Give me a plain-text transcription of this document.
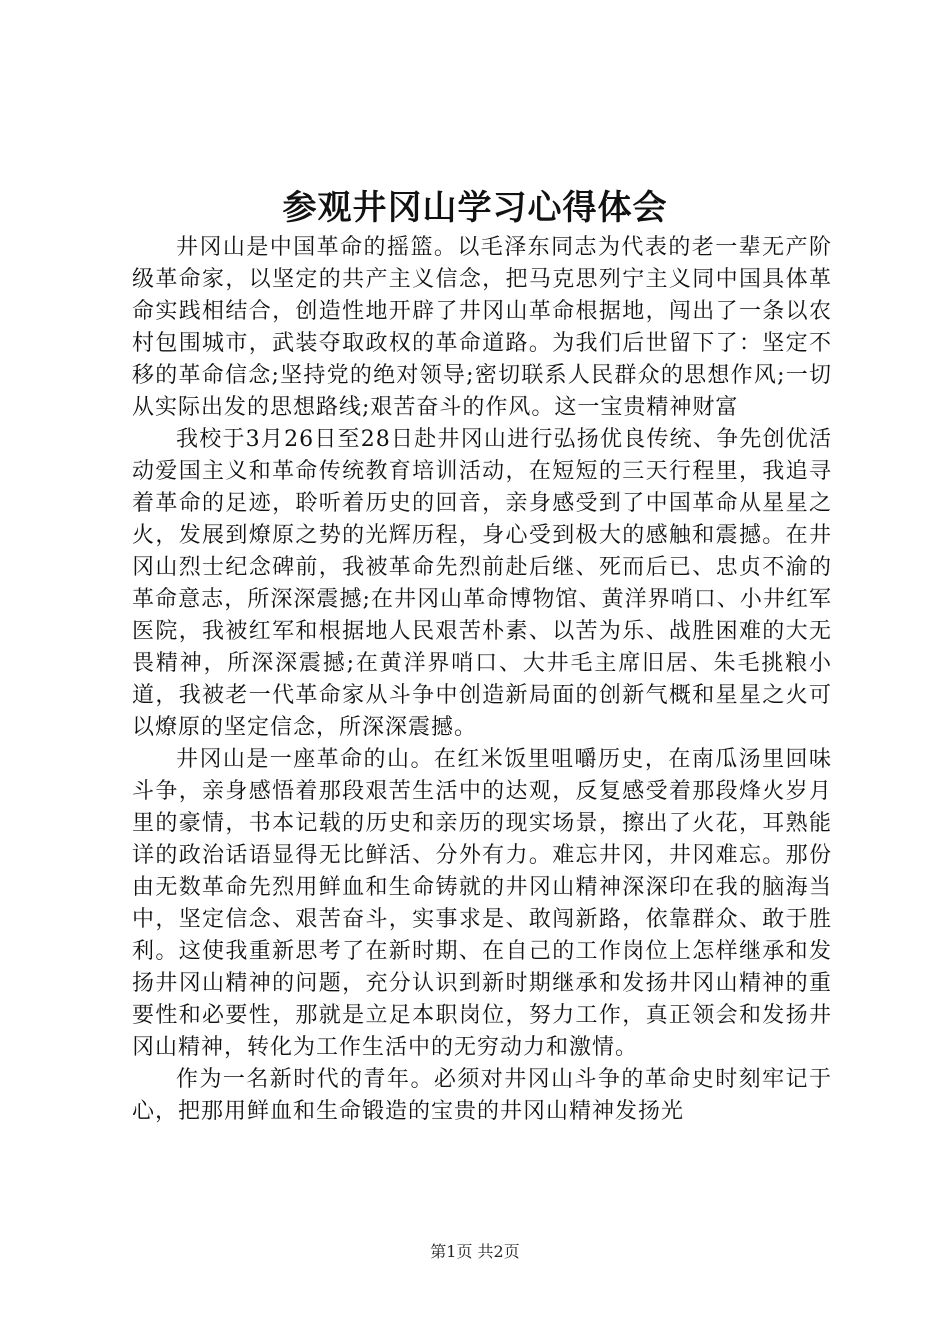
参观井冈山学习心得体会

井冈山是中国革命的摇篮。以毛泽东同志为代表的老一辈无产阶级革命家，以坚定的共产主义信念，把马克思列宁主义同中国具体革命实践相结合，创造性地开辟了井冈山革命根据地，闯出了一条以农村包围城市，武装夺取政权的革命道路。为我们后世留下了：坚定不移的革命信念;坚持党的绝对领导;密切联系人民群众的思想作风;一切从实际出发的思想路线;艰苦奋斗的作风。这一宝贵精神财富

我校于3月26日至28日赴井冈山进行弘扬优良传统、争先创优活动爱国主义和革命传统教育培训活动，在短短的三天行程里，我追寻着革命的足迹，聆听着历史的回音，亲身感受到了中国革命从星星之火，发展到燎原之势的光辉历程，身心受到极大的感触和震撼。在井冈山烈士纪念碑前，我被革命先烈前赴后继、死而后已、忠贞不渝的革命意志，所深深震撼;在井冈山革命博物馆、黄洋界哨口、小井红军医院，我被红军和根据地人民艰苦朴素、以苦为乐、战胜困难的大无畏精神，所深深震撼;在黄洋界哨口、大井毛主席旧居、朱毛挑粮小道，我被老一代革命家从斗争中创造新局面的创新气概和星星之火可以燎原的坚定信念，所深深震撼。

井冈山是一座革命的山。在红米饭里咀嚼历史，在南瓜汤里回味斗争，亲身感悟着那段艰苦生活中的达观，反复感受着那段烽火岁月里的豪情，书本记载的历史和亲历的现实场景，擦出了火花，耳熟能详的政治话语显得无比鲜活、分外有力。难忘井冈，井冈难忘。那份由无数革命先烈用鲜血和生命铸就的井冈山精神深深印在我的脑海当中，坚定信念、艰苦奋斗，实事求是、敢闯新路，依靠群众、敢于胜利。这使我重新思考了在新时期、在自己的工作岗位上怎样继承和发扬井冈山精神的问题，充分认识到新时期继承和发扬井冈山精神的重要性和必要性，那就是立足本职岗位，努力工作，真正领会和发扬井冈山精神，转化为工作生活中的无穷动力和激情。

作为一名新时代的青年。必须对井冈山斗争的革命史时刻牢记于心，把那用鲜血和生命锻造的宝贵的井冈山精神发扬光

第1页 共2页
